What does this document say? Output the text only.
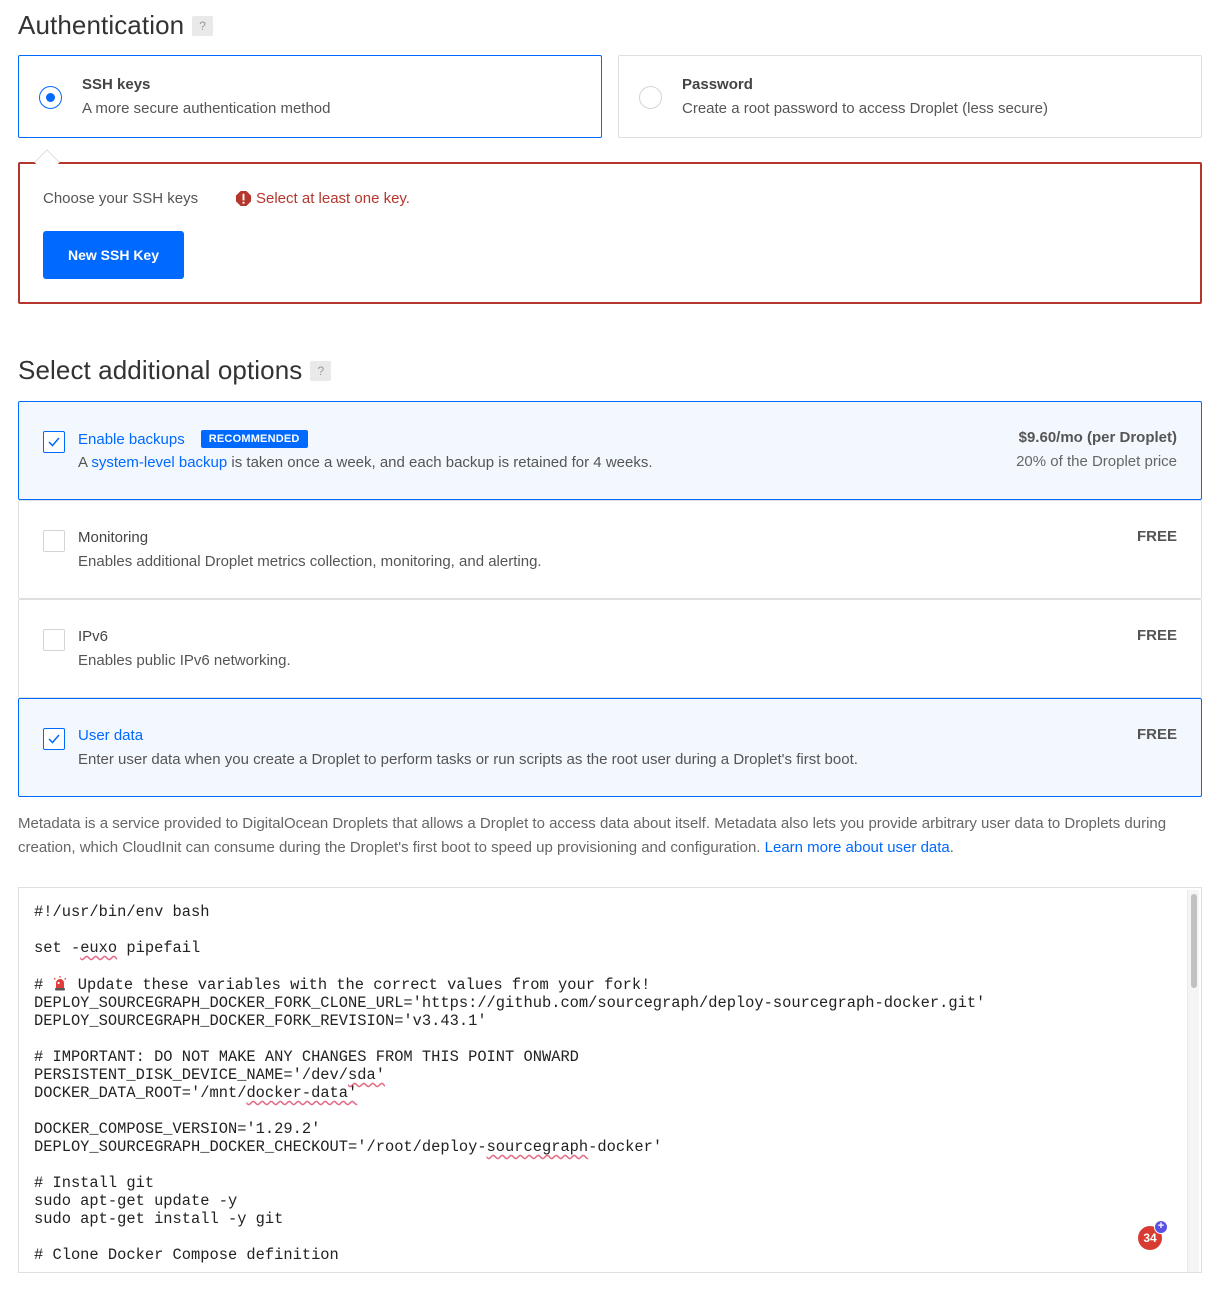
Authentication	?
SSH keys
A more secure authentication method
Password
Create a root password to access Droplet (less secure)
Choose your SSH keys	Select at least one key.
New SSH Key
Select additional options	?
Enable backups	RECOMMENDED
A system-level backup is taken once a week, and each backup is retained for 4 weeks.
$9.60/mo (per Droplet)
20% of the Droplet price
Monitoring
Enables additional Droplet metrics collection, monitoring, and alerting.
FREE
IPv6
Enables public IPv6 networking.
FREE
User data
Enter user data when you create a Droplet to perform tasks or run scripts as the root user during a Droplet's first boot.
FREE

Metadata is a service provided to DigitalOcean Droplets that allows a Droplet to access data about itself. Metadata also lets you provide arbitrary user data to Droplets during creation, which CloudInit can consume during the Droplet's first boot to speed up provisioning and configuration. Learn more about user data.

#!/usr/bin/env bash

set -euxo pipefail

#  Update these variables with the correct values from your fork!
DEPLOY_SOURCEGRAPH_DOCKER_FORK_CLONE_URL='https://github.com/sourcegraph/deploy-sourcegraph-docker.git'
DEPLOY_SOURCEGRAPH_DOCKER_FORK_REVISION='v3.43.1'

# IMPORTANT: DO NOT MAKE ANY CHANGES FROM THIS POINT ONWARD
PERSISTENT_DISK_DEVICE_NAME='/dev/sda'
DOCKER_DATA_ROOT='/mnt/docker-data'

DOCKER_COMPOSE_VERSION='1.29.2'
DEPLOY_SOURCEGRAPH_DOCKER_CHECKOUT='/root/deploy-sourcegraph-docker'

# Install git
sudo apt-get update -y
sudo apt-get install -y git

# Clone Docker Compose definition
34
+
